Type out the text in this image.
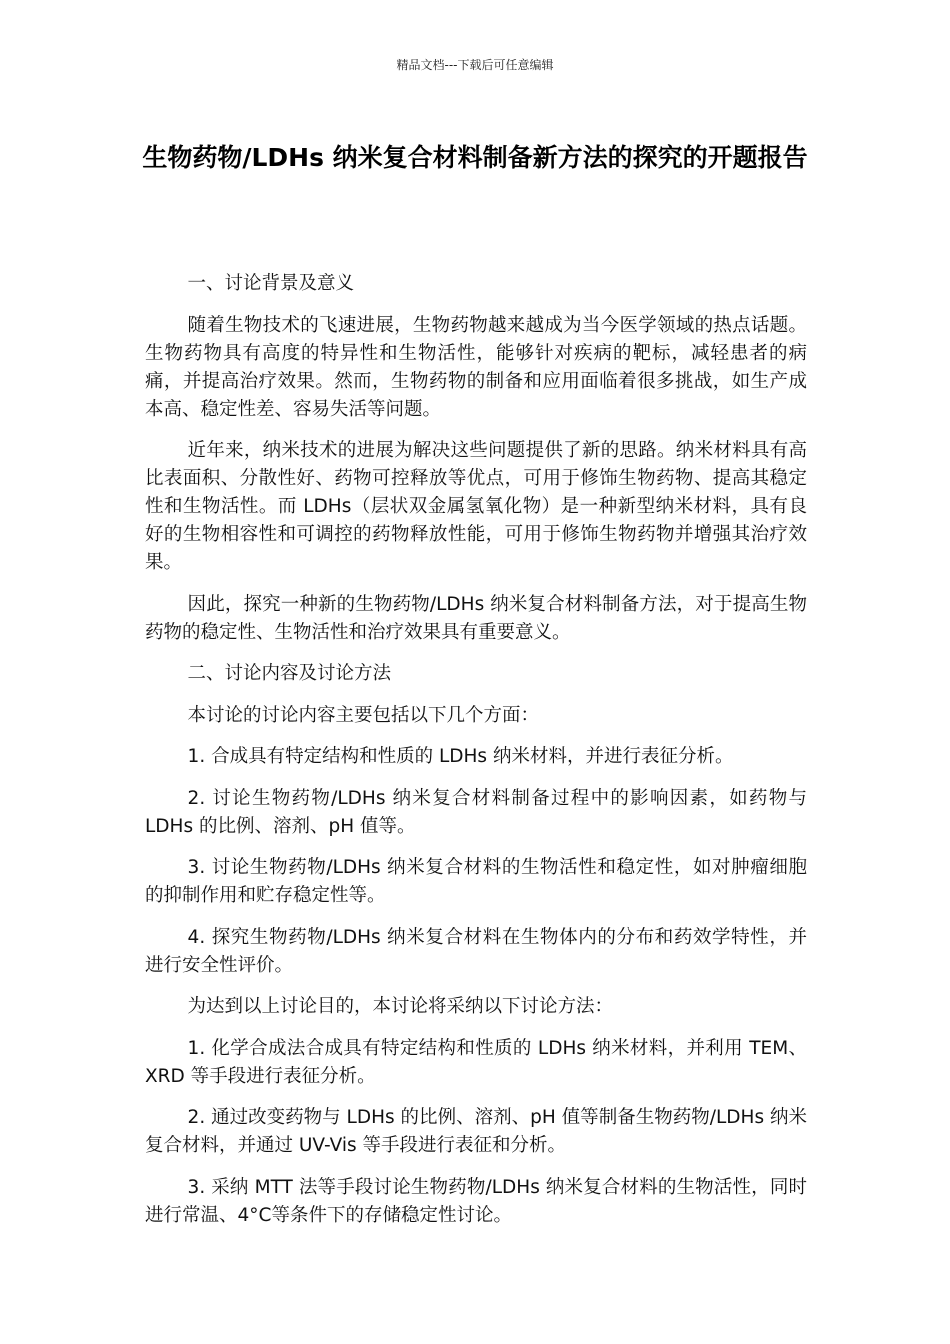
精品文档---下载后可任意编辑
生物药物/LDHs 纳米复合材料制备新方法的探究的开题报告

一、讨论背景及意义

随着生物技术的飞速进展，生物药物越来越成为当今医学领域的热点话题。生物药物具有高度的特异性和生物活性，能够针对疾病的靶标，减轻患者的病痛，并提高治疗效果。然而，生物药物的制备和应用面临着很多挑战，如生产成本高、稳定性差、容易失活等问题。

近年来，纳米技术的进展为解决这些问题提供了新的思路。纳米材料具有高比表面积、分散性好、药物可控释放等优点，可用于修饰生物药物、提高其稳定性和生物活性。而 LDHs（层状双金属氢氧化物）是一种新型纳米材料，具有良好的生物相容性和可调控的药物释放性能，可用于修饰生物药物并增强其治疗效果。

因此，探究一种新的生物药物/LDHs 纳米复合材料制备方法，对于提高生物药物的稳定性、生物活性和治疗效果具有重要意义。

二、讨论内容及讨论方法

本讨论的讨论内容主要包括以下几个方面：

1. 合成具有特定结构和性质的 LDHs 纳米材料，并进行表征分析。

2. 讨论生物药物/LDHs 纳米复合材料制备过程中的影响因素，如药物与 LDHs 的比例、溶剂、pH 值等。

3. 讨论生物药物/LDHs 纳米复合材料的生物活性和稳定性，如对肿瘤细胞的抑制作用和贮存稳定性等。

4. 探究生物药物/LDHs 纳米复合材料在生物体内的分布和药效学特性，并进行安全性评价。

为达到以上讨论目的，本讨论将采纳以下讨论方法：

1. 化学合成法合成具有特定结构和性质的 LDHs 纳米材料，并利用 TEM、XRD 等手段进行表征分析。

2. 通过改变药物与 LDHs 的比例、溶剂、pH 值等制备生物药物/LDHs 纳米复合材料，并通过 UV-Vis 等手段进行表征和分析。

3. 采纳 MTT 法等手段讨论生物药物/LDHs 纳米复合材料的生物活性，同时进行常温、4°C等条件下的存储稳定性讨论。
